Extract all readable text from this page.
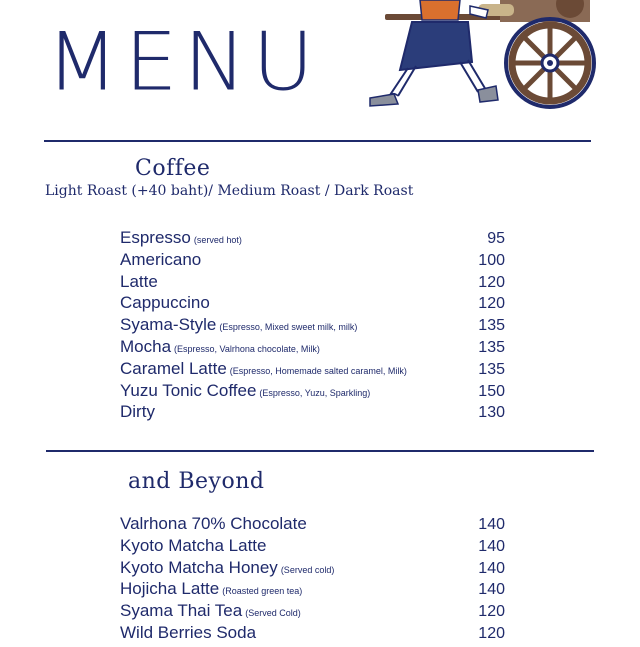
MENU
Coffee
Light Roast (+40 baht)/ Medium Roast / Dark Roast
Espresso (served hot)	95
Americano	100
Latte	120
Cappuccino	120
Syama-Style (Espresso, Mixed sweet milk, milk)	135
Mocha (Espresso, Valrhona chocolate, Milk)	135
Caramel Latte (Espresso, Homemade salted caramel, Milk)	135
Yuzu Tonic Coffee (Espresso, Yuzu, Sparkling)	150
Dirty	130
and Beyond
Valrhona 70% Chocolate	140
Kyoto Matcha Latte	140
Kyoto Matcha Honey (Served cold)	140
Hojicha Latte (Roasted green tea)	140
Syama Thai Tea (Served Cold)	120
Wild Berries Soda	120
